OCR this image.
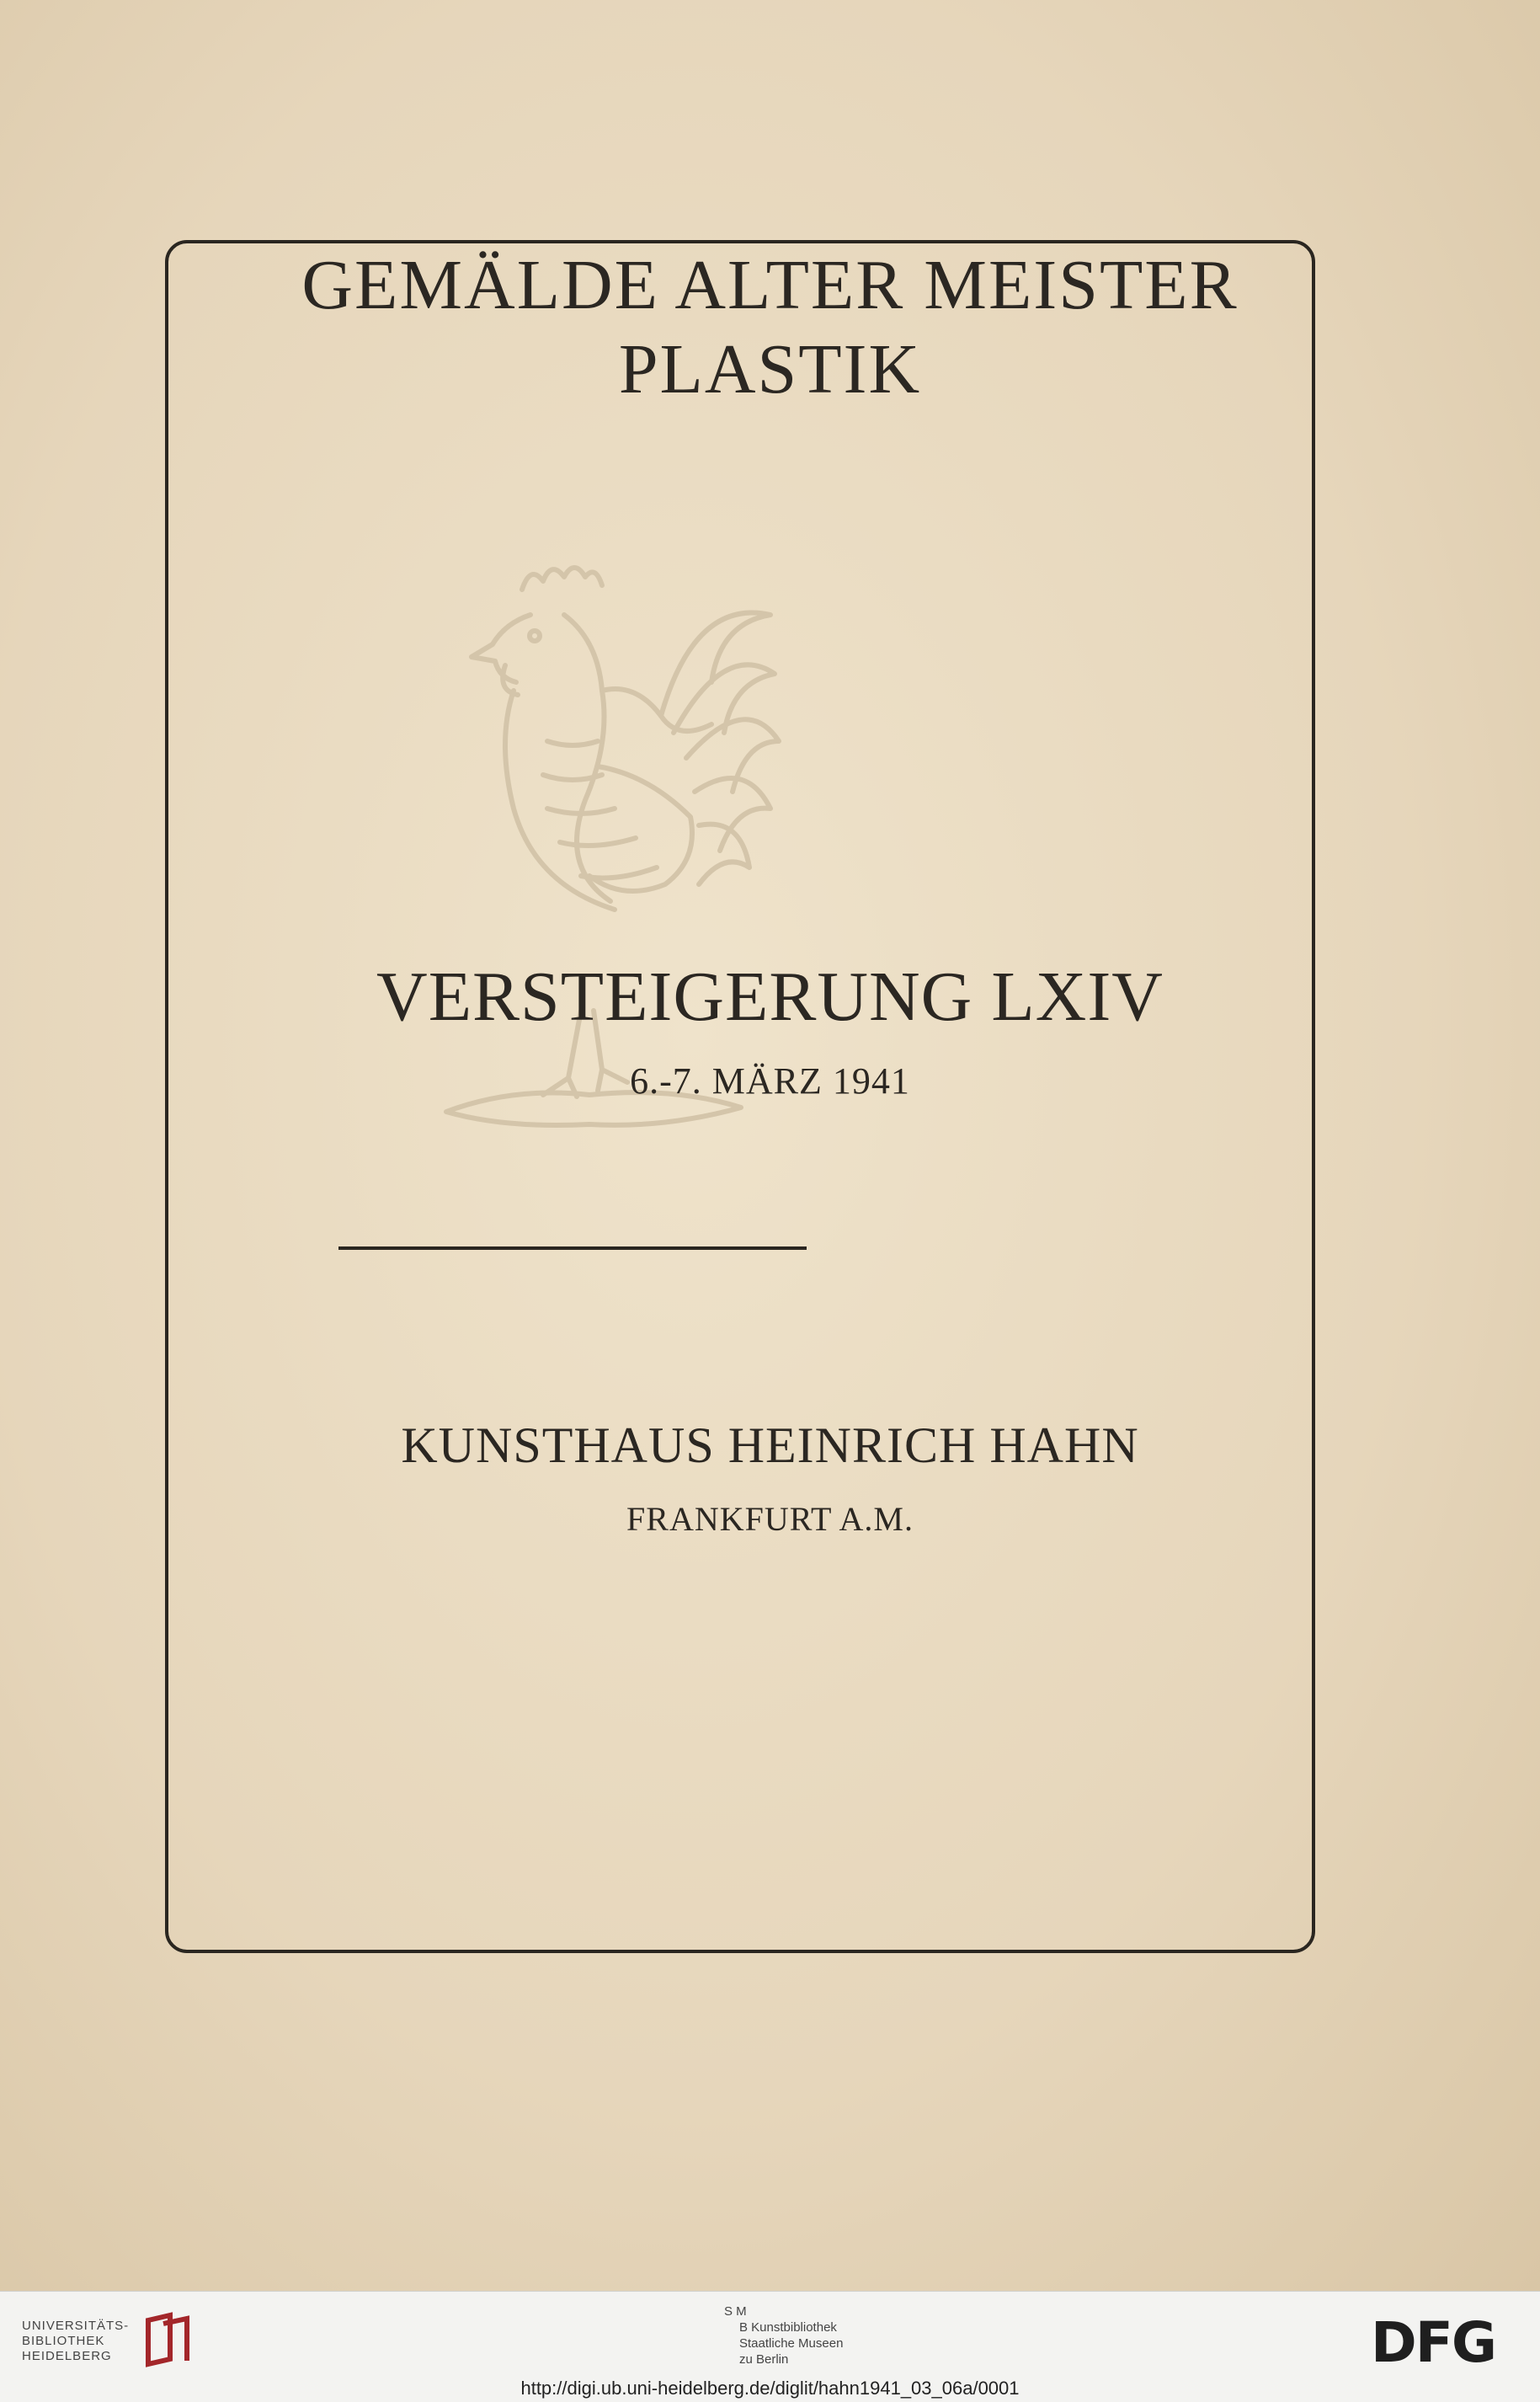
GEMÄLDE ALTER MEISTER
PLASTIK
VERSTEIGERUNG LXIV
6.-7. MÄRZ 1941
KUNSTHAUS HEINRICH HAHN
FRANKFURT A.M.
UNIVERSITÄTS-
BIBLIOTHEK
HEIDELBERG
S M
B Kunstbibliothek
Staatliche Museen
zu Berlin	DFG
http://digi.ub.uni-heidelberg.de/diglit/hahn1941_03_06a/0001
